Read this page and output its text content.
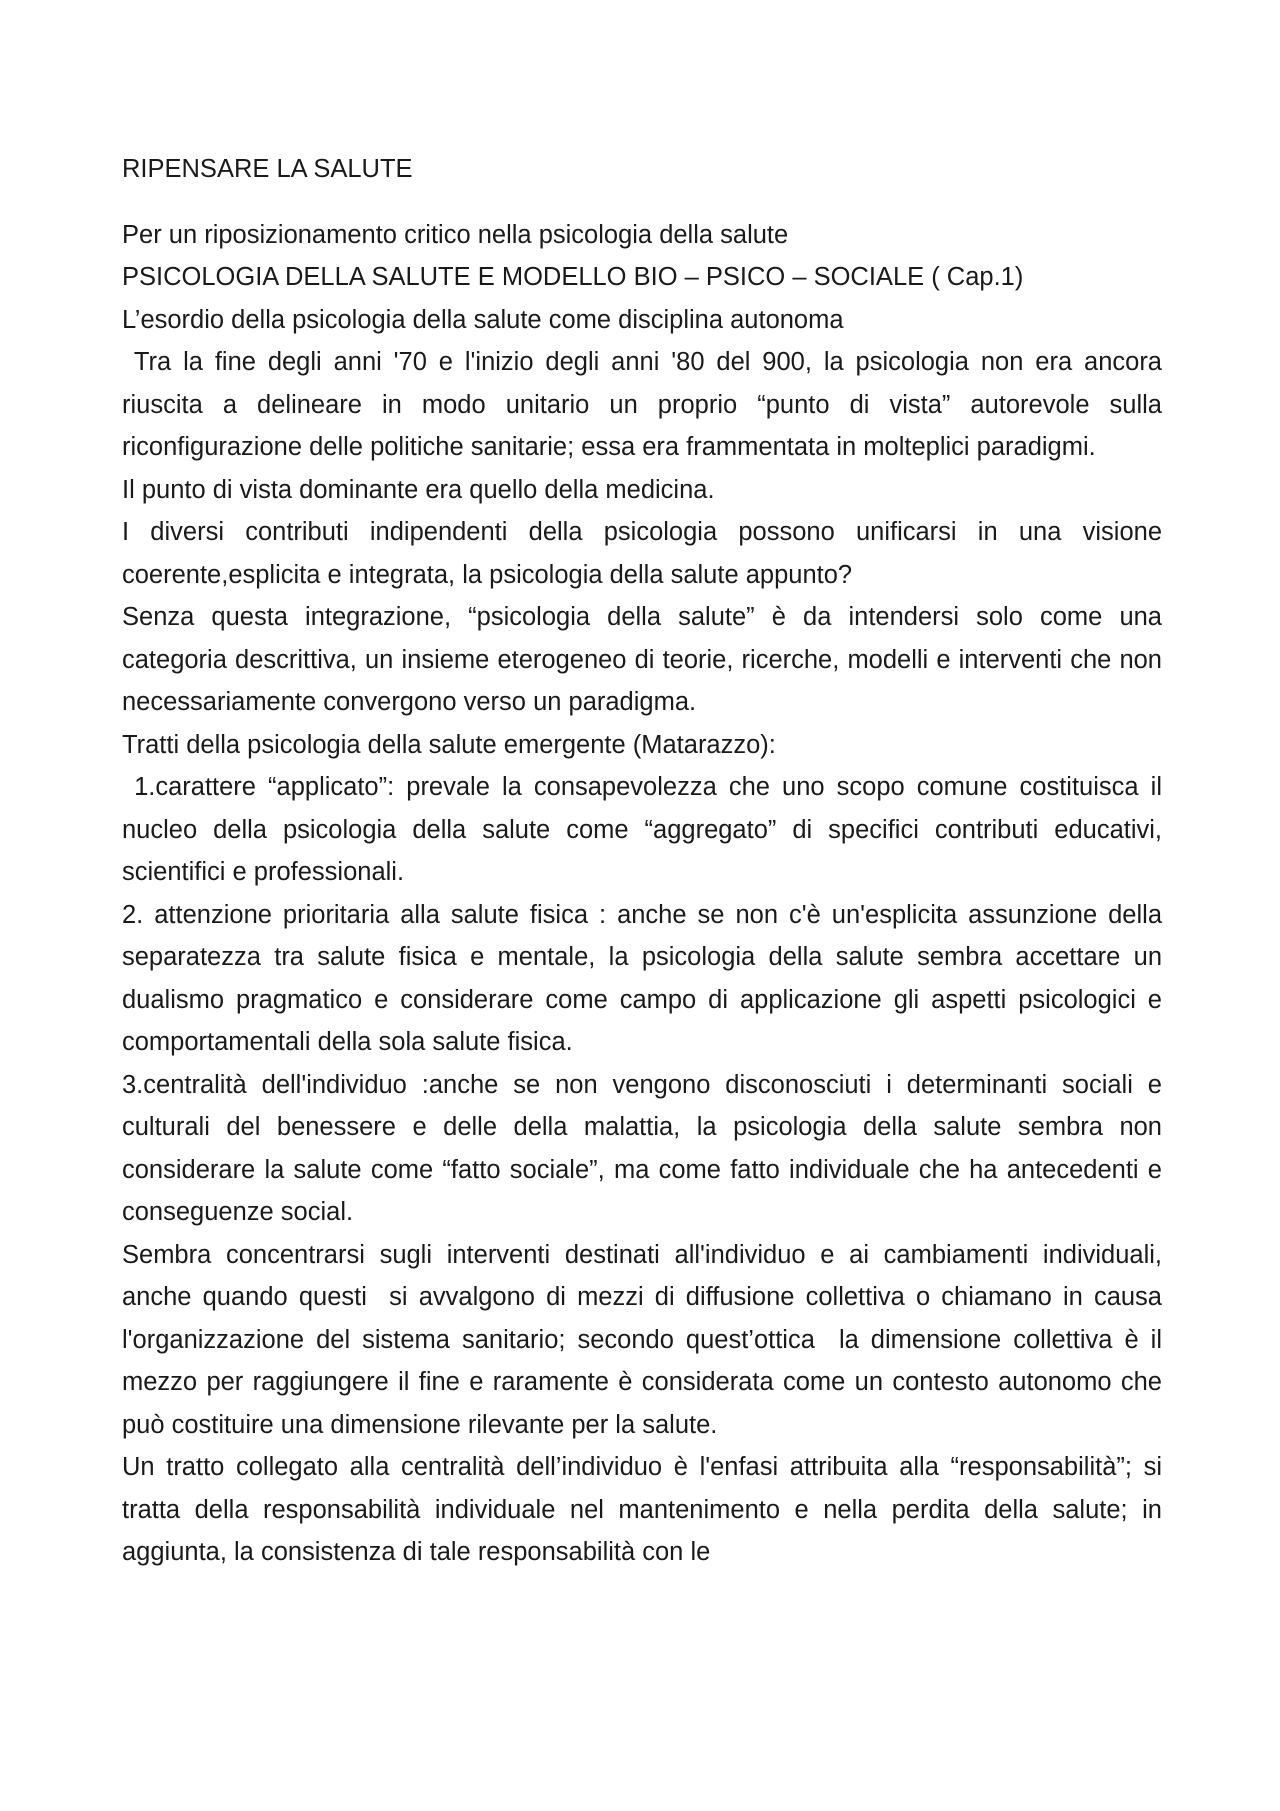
RIPENSARE LA SALUTE

Per un riposizionamento critico nella psicologia della salute

PSICOLOGIA DELLA SALUTE E MODELLO BIO – PSICO – SOCIALE ( Cap.1)

L’esordio della psicologia della salute come disciplina autonoma

Tra la fine degli anni '70 e l'inizio degli anni '80 del 900, la psicologia non era ancora riuscita a delineare in modo unitario un proprio “punto di vista” autorevole sulla riconfigurazione delle politiche sanitarie; essa era frammentata in molteplici paradigmi.

Il punto di vista dominante era quello della medicina.

I diversi contributi indipendenti della psicologia possono unificarsi in una visione coerente,esplicita e integrata, la psicologia della salute appunto?

Senza questa integrazione, “psicologia della salute” è da intendersi solo come una categoria descrittiva, un insieme eterogeneo di teorie, ricerche, modelli e interventi che non necessariamente convergono verso un paradigma.

Tratti della psicologia della salute emergente (Matarazzo):

1.carattere “applicato”: prevale la consapevolezza che uno scopo comune costituisca il nucleo della psicologia della salute come “aggregato” di specifici contributi educativi, scientifici e professionali.

2. attenzione prioritaria alla salute fisica : anche se non c'è un'esplicita assunzione della separatezza tra salute fisica e mentale, la psicologia della salute sembra accettare un dualismo pragmatico e considerare come campo di applicazione gli aspetti psicologici e comportamentali della sola salute fisica.

3.centralità dell'individuo :anche se non vengono disconosciuti i determinanti sociali e culturali del benessere e delle della malattia, la psicologia della salute sembra non considerare la salute come “fatto sociale”, ma come fatto individuale che ha antecedenti e conseguenze social.

Sembra concentrarsi sugli interventi destinati all'individuo e ai cambiamenti individuali, anche quando questi  si avvalgono di mezzi di diffusione collettiva o chiamano in causa l'organizzazione del sistema sanitario; secondo quest’ottica  la dimensione collettiva è il mezzo per raggiungere il fine e raramente è considerata come un contesto autonomo che può costituire una dimensione rilevante per la salute.

Un tratto collegato alla centralità dell’individuo è l'enfasi attribuita alla “responsabilità”; si tratta della responsabilità individuale nel mantenimento e nella perdita della salute; in aggiunta, la consistenza di tale responsabilità con le
